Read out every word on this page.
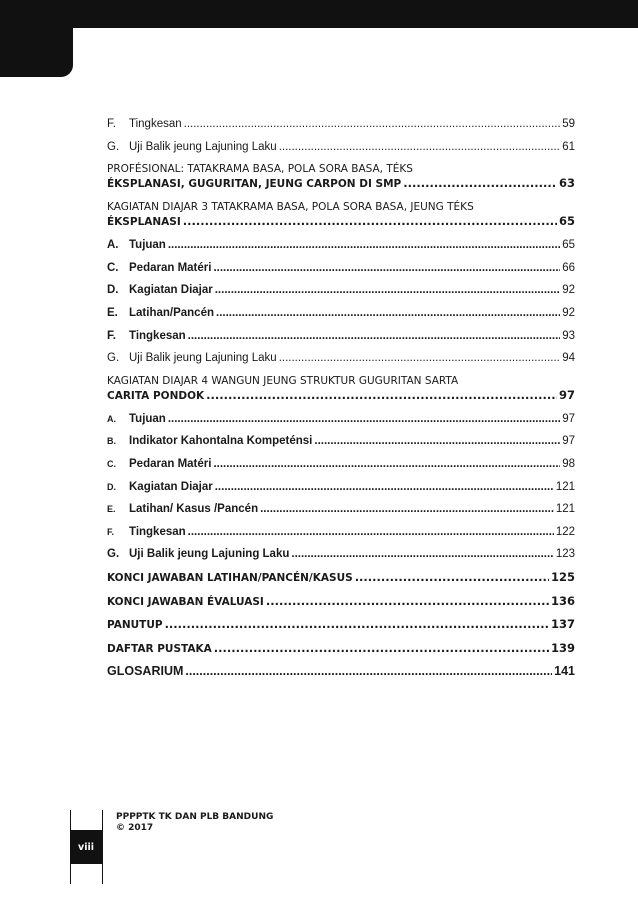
F. Tingkesan .....	59
G. Uji Balik jeung Lajuning Laku .....	61
PROFÉSIONAL: TATAKRAMA BASA, POLA SORA BASA, TÉKS
ÉKSPLANASI, GUGURITAN, JEUNG CARPON DI SMP .....	63
KAGIATAN DIAJAR 3 TATAKRAMA BASA, POLA SORA BASA, JEUNG TÉKS
ÉKSPLANASI .....	65
A. Tujuan .....	65
C. Pedaran Matéri .....	66
D. Kagiatan Diajar .....	92
E. Latihan/Pancén .....	92
F. Tingkesan .....	93
G. Uji Balik jeung Lajuning Laku .....	94
KAGIATAN DIAJAR 4 WANGUN JEUNG STRUKTUR GUGURITAN SARTA
CARITA PONDOK .....	97
A. Tujuan .....	97
B. Indikator Kahontalna Kompeténsi .....	97
C. Pedaran Matéri .....	98
D. Kagiatan Diajar .....	121
E. Latihan/ Kasus /Pancén .....	121
F. Tingkesan .....	122
G. Uji Balik jeung Lajuning Laku .....	123
KONCI JAWABAN LATIHAN/PANCÉN/KASUS .....	125
KONCI JAWABAN ÉVALUASI .....	136
PANUTUP .....	137
DAFTAR PUSTAKA .....	139
GLOSARIUM .....	141
viii
PPPPTK TK DAN PLB BANDUNG
© 2017
